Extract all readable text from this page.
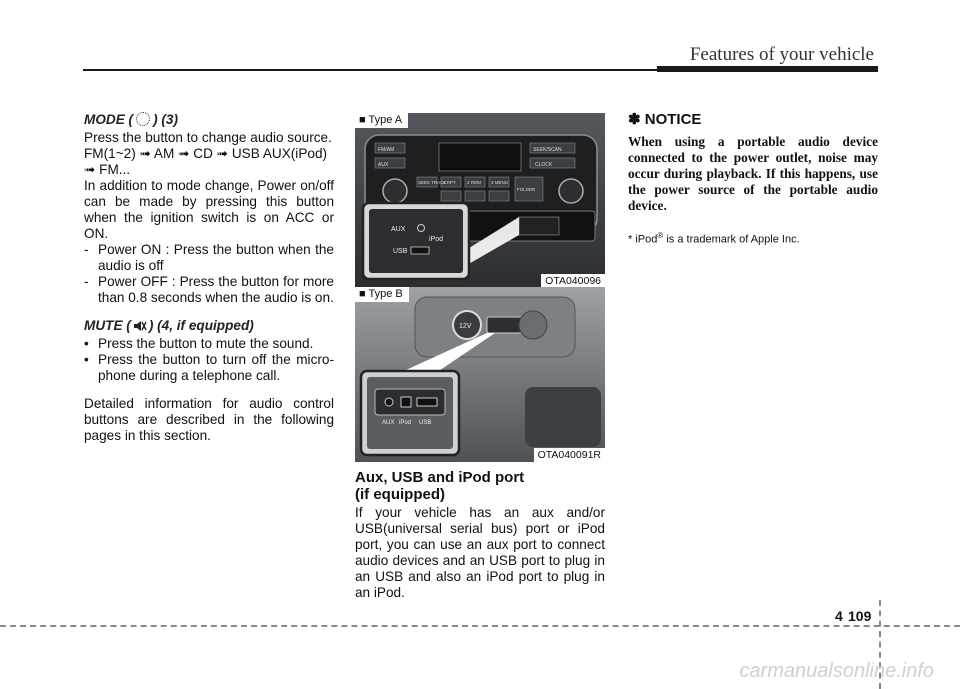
Features of your vehicle
MODE ( ) (3)

Press the button to change audio source.

FM(1~2) ➟ AM ➟ CD ➟ USB AUX(iPod) ➟ FM...

In addition to mode change, Power on/off can be made by pressing this button when the ignition switch is on ACC or ON.

- Power ON : Press the button when the audio is off
- Power OFF : Press the button for more than 0.8 seconds when the audio is on.
MUTE ( ) (4, if equipped)
• Press the button to mute the sound.
• Press the button to turn off the micro-phone during a telephone call.

Detailed information for audio control buttons are described in the following pages in this section.

FM/AM
AUX
SEEK/SCAN
CLOCK
SEEK TRACK
1 RPT 2 RDM 3 MENU
FOLDER
AUX
USB
iPod
■ Type A
OTA040096
12V
AUX iPod USB
■ Type B
OTA040091R
Aux, USB and iPod port
(if equipped)
If your vehicle has an aux and/or USB(universal serial bus) port or iPod port, you can use an aux port to connect audio devices and an USB port to plug in an USB and also an iPod port to plug in an iPod.
✽ NOTICE

When using a portable audio device connected to the power outlet, noise may occur during playback. If this happens, use the power source of the portable audio device.

* iPod® is a trademark of Apple Inc.
4 109
carmanualsonline.info
